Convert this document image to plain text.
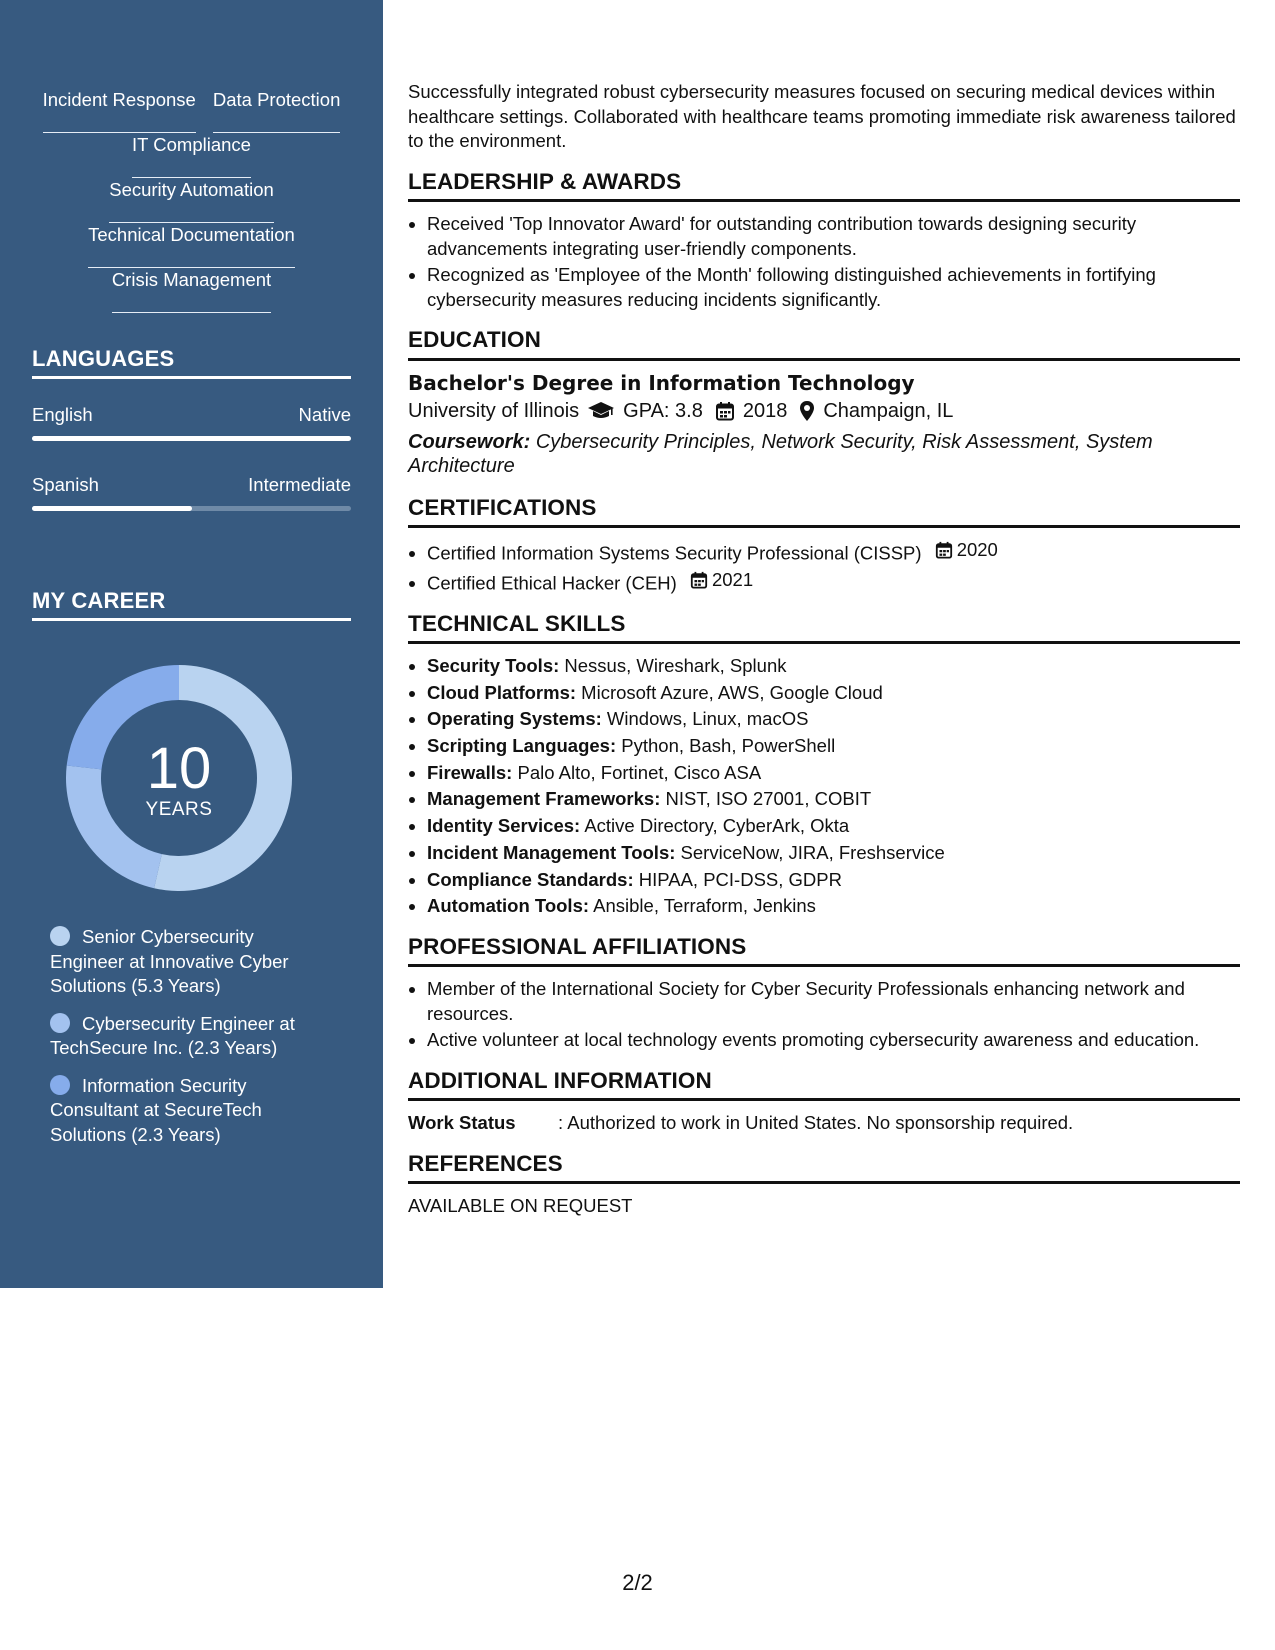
Incident Response Data Protection
IT Compliance
Security Automation
Technical Documentation
Crisis Management
LANGUAGES
English	Native
Spanish	Intermediate
MY CAREER
10
YEARS
Senior Cybersecurity Engineer at Innovative Cyber Solutions (5.3 Years)
Cybersecurity Engineer at TechSecure Inc. (2.3 Years)
Information Security Consultant at SecureTech Solutions (2.3 Years)

Successfully integrated robust cybersecurity measures focused on securing medical devices within healthcare settings. Collaborated with healthcare teams promoting immediate risk awareness tailored to the environment.

LEADERSHIP & AWARDS
• Received 'Top Innovator Award' for outstanding contribution towards designing security advancements integrating user-friendly components.
• Recognized as 'Employee of the Month' following distinguished achievements in fortifying cybersecurity measures reducing incidents significantly.
EDUCATION
Bachelor's Degree in Information Technology
University of Illinois GPA: 3.8 2018 Champaign, IL
Coursework: Cybersecurity Principles, Network Security, Risk Assessment, System Architecture
CERTIFICATIONS
• Certified Information Systems Security Professional (CISSP) 2020
• Certified Ethical Hacker (CEH) 2021
TECHNICAL SKILLS
• Security Tools: Nessus, Wireshark, Splunk
• Cloud Platforms: Microsoft Azure, AWS, Google Cloud
• Operating Systems: Windows, Linux, macOS
• Scripting Languages: Python, Bash, PowerShell
• Firewalls: Palo Alto, Fortinet, Cisco ASA
• Management Frameworks: NIST, ISO 27001, COBIT
• Identity Services: Active Directory, CyberArk, Okta
• Incident Management Tools: ServiceNow, JIRA, Freshservice
• Compliance Standards: HIPAA, PCI-DSS, GDPR
• Automation Tools: Ansible, Terraform, Jenkins
PROFESSIONAL AFFILIATIONS
• Member of the International Society for Cyber Security Professionals enhancing network and resources.
• Active volunteer at local technology events promoting cybersecurity awareness and education.
ADDITIONAL INFORMATION
Work Status	: Authorized to work in United States. No sponsorship required.
REFERENCES
AVAILABLE ON REQUEST
2/2
